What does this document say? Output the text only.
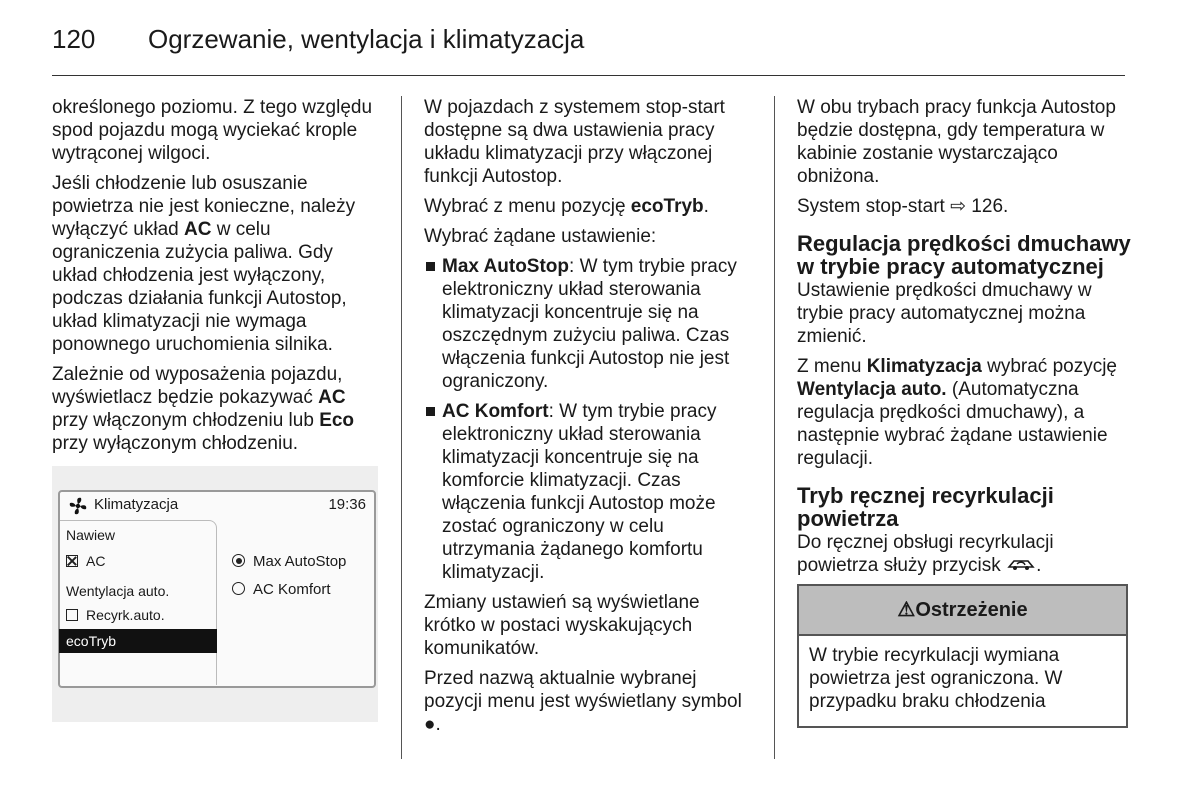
120 Ogrzewanie, wentylacja i klimatyzacja

określonego poziomu. Z tego względu spod pojazdu mogą wyciekać krople wytrąconej wilgoci.

Jeśli chłodzenie lub osuszanie powietrza nie jest konieczne, należy wyłączyć układ AC w celu ograniczenia zużycia paliwa. Gdy układ chłodzenia jest wyłączony, podczas działania funkcji Autostop, układ klimatyzacji nie wymaga ponownego uruchomienia silnika.

Zależnie od wyposażenia pojazdu, wyświetlacz będzie pokazywać AC przy włączonym chłodzeniu lub Eco przy wyłączonym chłodzeniu.

Klimatyzacja	19:36
Nawiew
AC
Wentylacja auto.
Recyrk.auto.
ecoTryb
Max AutoStop
AC Komfort

W pojazdach z systemem stop-start dostępne są dwa ustawienia pracy układu klimatyzacji przy włączonej funkcji Autostop.

Wybrać z menu pozycję ecoTryb.

Wybrać żądane ustawienie:

Max AutoStop: W tym trybie pracy elektroniczny układ sterowania klimatyzacji koncentruje się na oszczędnym zużyciu paliwa. Czas włączenia funkcji Autostop nie jest ograniczony.
AC Komfort: W tym trybie pracy elektroniczny układ sterowania klimatyzacji koncentruje się na komforcie klimatyzacji. Czas włączenia funkcji Autostop może zostać ograniczony w celu utrzymania żądanego komfortu klimatyzacji.

Zmiany ustawień są wyświetlane krótko w postaci wyskakujących komunikatów.

Przed nazwą aktualnie wybranej pozycji menu jest wyświetlany symbol ●.

W obu trybach pracy funkcja Autostop będzie dostępna, gdy temperatura w kabinie zostanie wystarczająco obniżona.

System stop-start ⇨ 126.

Regulacja prędkości dmuchawy w trybie pracy automatycznej

Ustawienie prędkości dmuchawy w trybie pracy automatycznej można zmienić.

Z menu Klimatyzacja wybrać pozycję Wentylacja auto. (Automatyczna regulacja prędkości dmuchawy), a następnie wybrać żądane ustawienie regulacji.

Tryb ręcznej recyrkulacji powietrza

Do ręcznej obsługi recyrkulacji powietrza służy przycisk .

⚠Ostrzeżenie
W trybie recyrkulacji wymiana powietrza jest ograniczona. W przypadku braku chłodzenia
